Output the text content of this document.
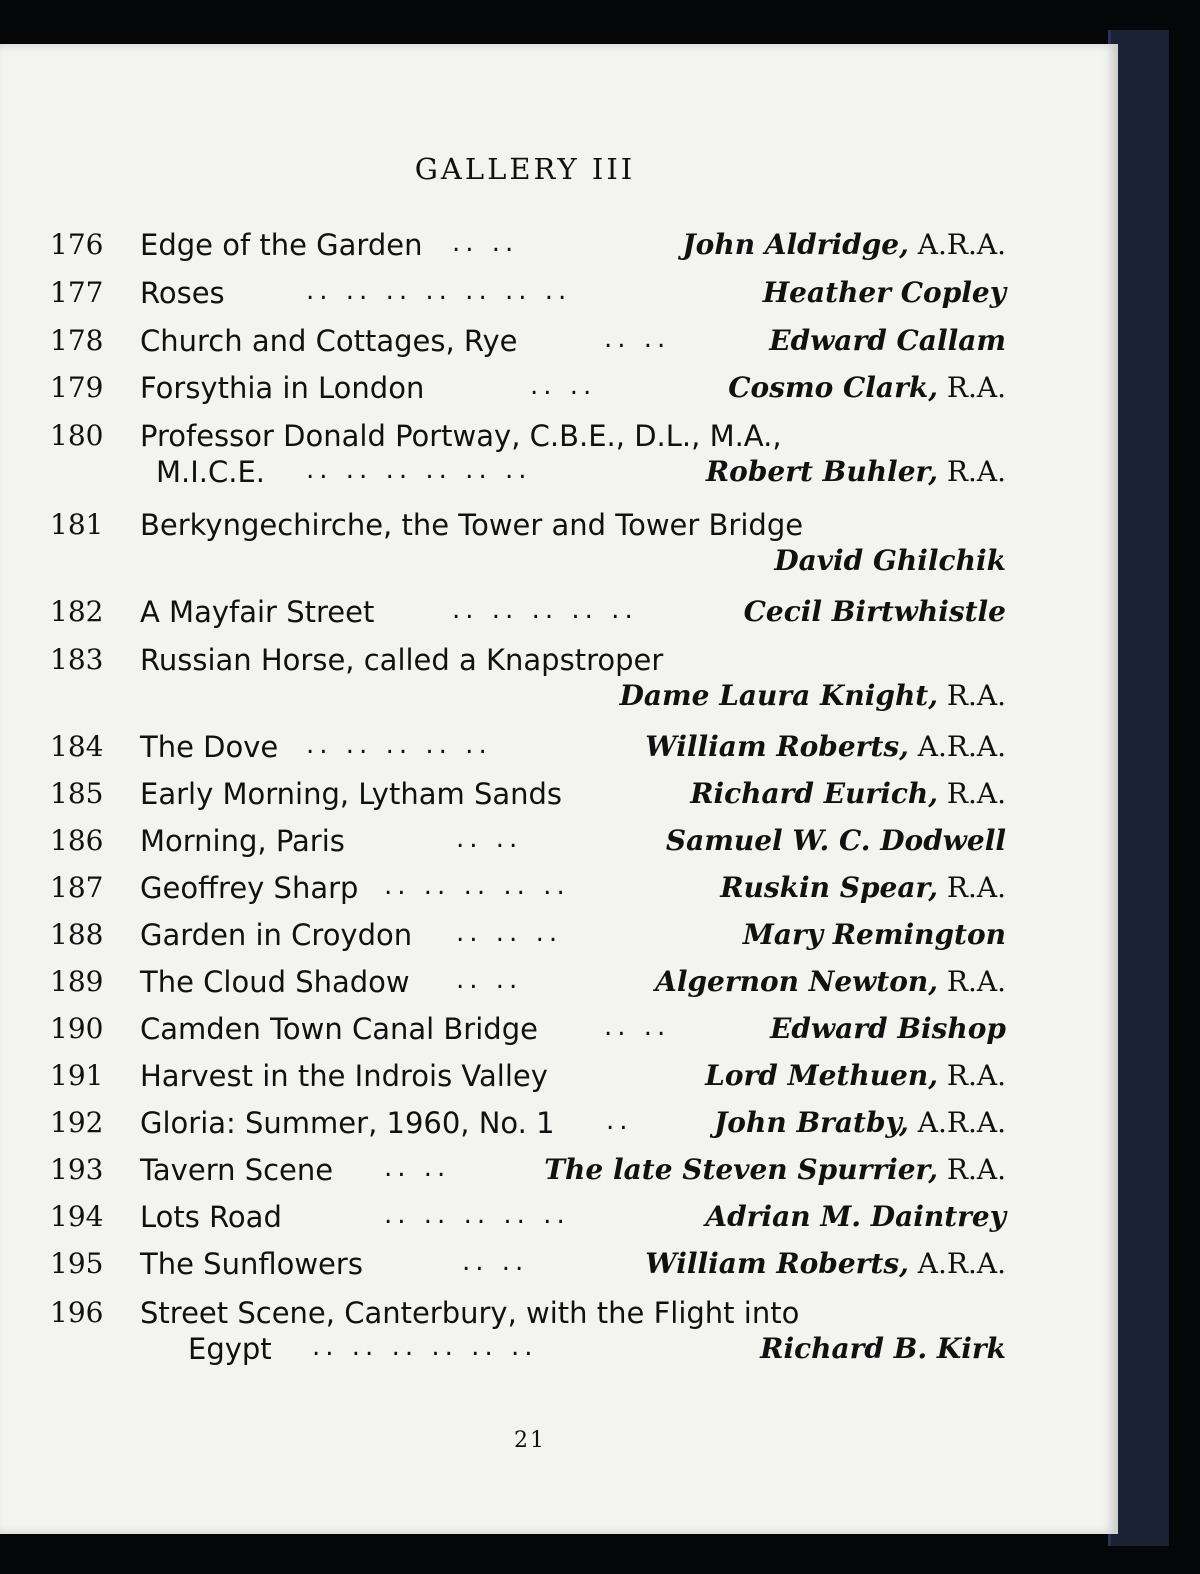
GALLERY III
176 Edge of the Garden .. ..	John Aldridge, A.R.A.
177 Roses	.. .. .. .. .. .. ..	Heather Copley
178 Church and Cottages, Rye	.. ..	Edward Callam
179 Forsythia in London	.. ..	Cosmo Clark, R.A.
180 Professor Donald Portway, C.B.E., D.L., M.A.,
M.I.C.E. .. .. .. .. .. ..	Robert Buhler, R.A.
181 Berkyngechirche, the Tower and Tower Bridge
David Ghilchik
182 A Mayfair Street	.. .. .. .. ..	Cecil Birtwhistle
183 Russian Horse, called a Knapstroper
Dame Laura Knight, R.A.
184 The Dove .. .. .. .. ..	William Roberts, A.R.A.
185 Early Morning, Lytham Sands	Richard Eurich, R.A.
186 Morning, Paris	.. ..	Samuel W. C. Dodwell
187 Geoffrey Sharp .. .. .. .. ..	Ruskin Spear, R.A.
188 Garden in Croydon .. .. ..	Mary Remington
189 The Cloud Shadow .. ..	Algernon Newton, R.A.
190 Camden Town Canal Bridge	.. ..	Edward Bishop
191 Harvest in the Indrois Valley	Lord Methuen, R.A.
192 Gloria: Summer, 1960, No. 1 ..	John Bratby, A.R.A.
193 Tavern Scene .. ..	The late Steven Spurrier, R.A.
194 Lots Road	.. .. .. .. ..	Adrian M. Daintrey
195 The Sunflowers	.. ..	William Roberts, A.R.A.
196 Street Scene, Canterbury, with the Flight into
Egypt .. .. .. .. .. ..	Richard B. Kirk
21
